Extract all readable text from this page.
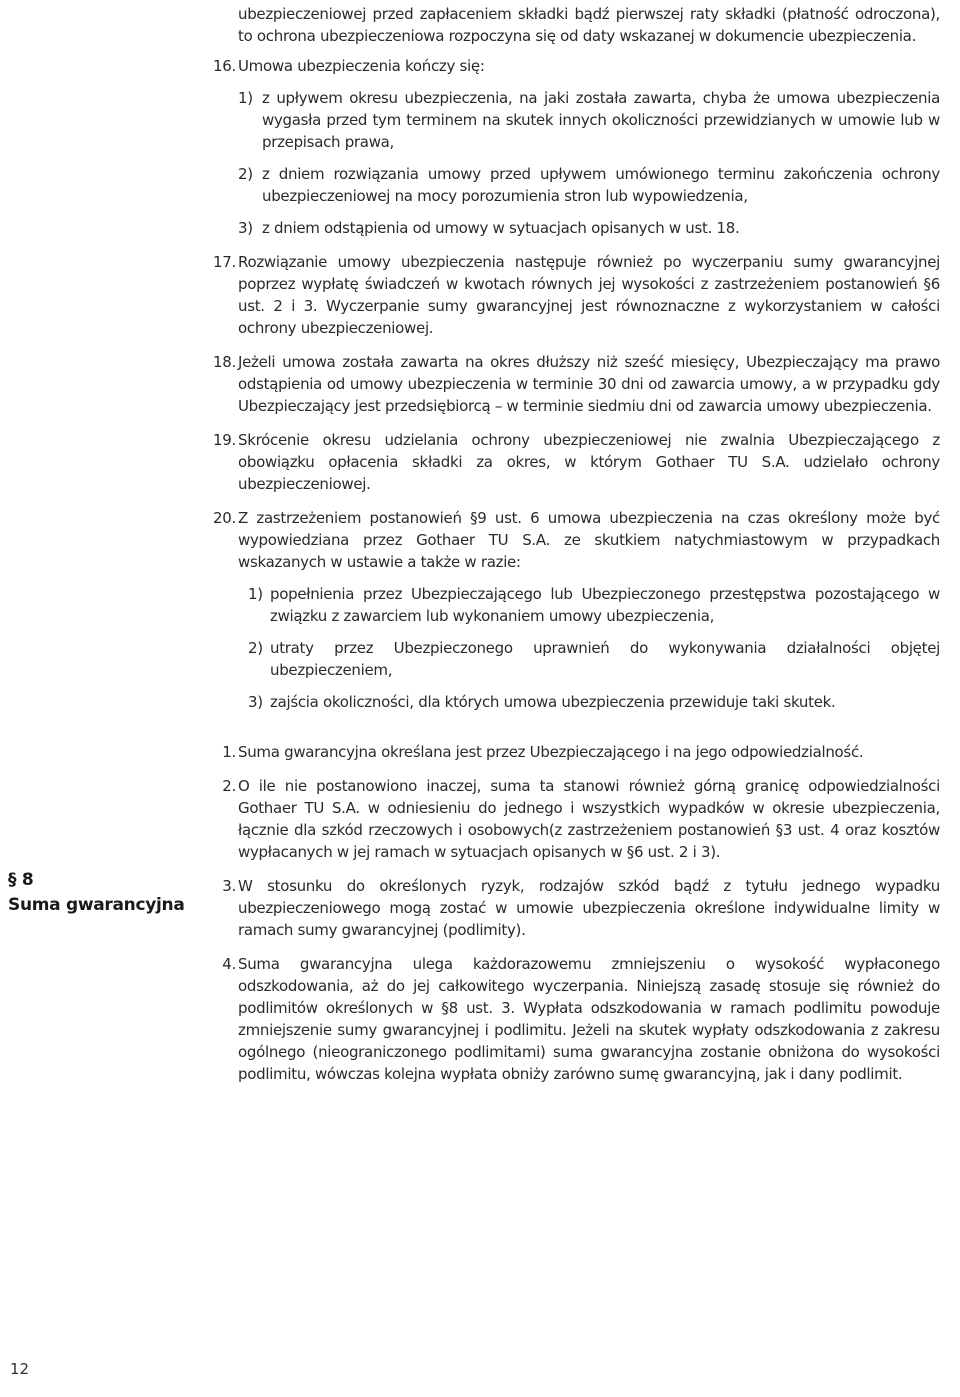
ubezpieczeniowej przed zapłaceniem składki bądź pierwszej raty składki (płatność odroczona), to ochrona ubezpieczeniowa rozpoczyna się od daty wskazanej w dokumencie ubezpieczenia.

16. Umowa ubezpieczenia kończy się:
1) z upływem okresu ubezpieczenia, na jaki została zawarta, chyba że umowa ubezpieczenia wygasła przed tym terminem na skutek innych okoliczności przewidzianych w umowie lub w przepisach prawa,
2) z dniem rozwiązania umowy przed upływem umówionego terminu zakończenia ochrony ubezpieczeniowej na mocy porozumienia stron lub wypowiedzenia,
3) z dniem odstąpienia od umowy w sytuacjach opisanych w ust. 18.
17. Rozwiązanie umowy ubezpieczenia następuje również po wyczerpaniu sumy gwarancyjnej poprzez wypłatę świadczeń w kwotach równych jej wysokości z zastrzeżeniem postanowień §6 ust. 2 i 3. Wyczerpanie sumy gwarancyjnej jest równoznaczne z wykorzystaniem w całości ochrony ubezpieczeniowej.
18. Jeżeli umowa została zawarta na okres dłuższy niż sześć miesięcy, Ubezpieczający ma prawo odstąpienia od umowy ubezpieczenia w terminie 30 dni od zawarcia umowy, a w przypadku gdy Ubezpieczający jest przedsiębiorcą – w terminie siedmiu dni od zawarcia umowy ubezpieczenia.
19. Skrócenie okresu udzielania ochrony ubezpieczeniowej nie zwalnia Ubezpieczającego z obowiązku opłacenia składki za okres, w którym Gothaer TU S.A. udzielało ochrony ubezpieczeniowej.
20. Z zastrzeżeniem postanowień §9 ust. 6 umowa ubezpieczenia na czas określony może być wypowiedziana przez Gothaer TU S.A. ze skutkiem natychmiastowym w przypadkach wskazanych w ustawie a także w razie:
1) popełnienia przez Ubezpieczającego lub Ubezpieczonego przestępstwa pozostającego w związku z zawarciem lub wykonaniem umowy ubezpieczenia,
2) utraty przez Ubezpieczonego uprawnień do wykonywania działalności objętej ubezpieczeniem,
3) zajścia okoliczności, dla których umowa ubezpieczenia przewiduje taki skutek.
1. Suma gwarancyjna określana jest przez Ubezpieczającego i na jego odpowiedzialność.
2. O ile nie postanowiono inaczej, suma ta stanowi również górną granicę odpowiedzialności Gothaer TU S.A. w odniesieniu do jednego i wszystkich wypadków w okresie ubezpieczenia, łącznie dla szkód rzeczowych i osobowych(z zastrzeżeniem postanowień §3 ust. 4 oraz kosztów wypłacanych w jej ramach w sytuacjach opisanych w §6 ust. 2 i 3).
3. W stosunku do określonych ryzyk, rodzajów szkód bądź z tytułu jednego wypadku ubezpieczeniowego mogą zostać w umowie ubezpieczenia określone indywidualne limity w ramach sumy gwarancyjnej (podlimity).
4. Suma gwarancyjna ulega każdorazowemu zmniejszeniu o wysokość wypłaconego odszkodowania, aż do jej całkowitego wyczerpania. Niniejszą zasadę stosuje się również do podlimitów określonych w §8 ust. 3. Wypłata odszkodowania w ramach podlimitu powoduje zmniejszenie sumy gwarancyjnej i podlimitu. Jeżeli na skutek wypłaty odszkodowania z zakresu ogólnego (nieograniczonego podlimitami) suma gwarancyjna zostanie obniżona do wysokości podlimitu, wówczas kolejna wypłata obniży zarówno sumę gwarancyjną, jak i dany podlimit.
§ 8
Suma gwarancyjna
12
